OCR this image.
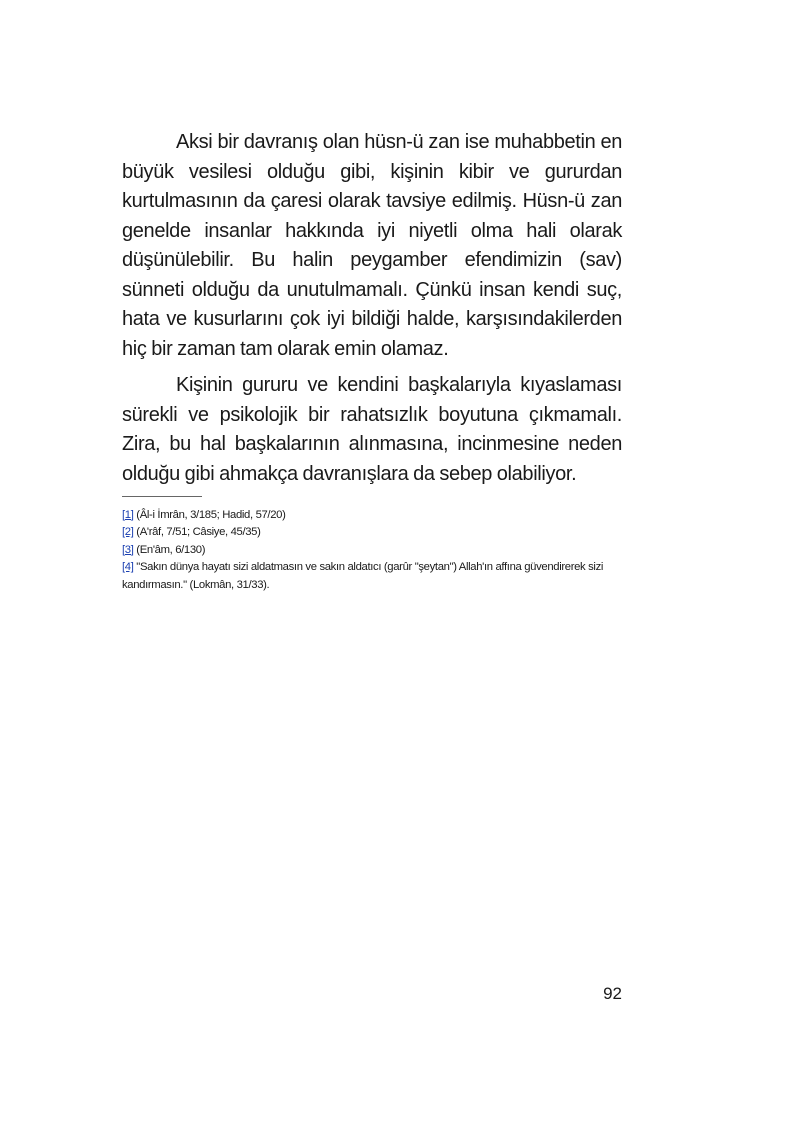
Aksi bir davranış olan hüsn-ü zan ise muhabbetin en büyük vesilesi olduğu gibi, kişinin kibir ve gururdan kurtulmasının da çaresi olarak tavsiye edilmiş. Hüsn-ü zan genelde insanlar hakkında iyi niyetli olma hali olarak düşünülebilir. Bu halin peygamber efendimizin (sav) sünneti olduğu da unutulmamalı. Çünkü insan kendi suç, hata ve kusurlarını çok iyi bildiği halde, karşısındakilerden hiç bir zaman tam olarak emin olamaz.

Kişinin gururu ve kendini başkalarıyla kıyaslaması sürekli ve psikolojik bir rahatsızlık boyutuna çıkmamalı. Zira, bu hal başkalarının alınmasına, incinmesine neden olduğu gibi ahmakça davranışlara da sebep olabiliyor.

[1] (Âl-i İmrân, 3/185; Hadid, 57/20)

[2] (A'râf, 7/51; Câsiye, 45/35)

[3] (En'âm, 6/130)

[4] "Sakın dünya hayatı sizi aldatmasın ve sakın aldatıcı (garûr "şeytan") Allah'ın affına güvendirerek sizi kandırmasın." (Lokmân, 31/33).

92
